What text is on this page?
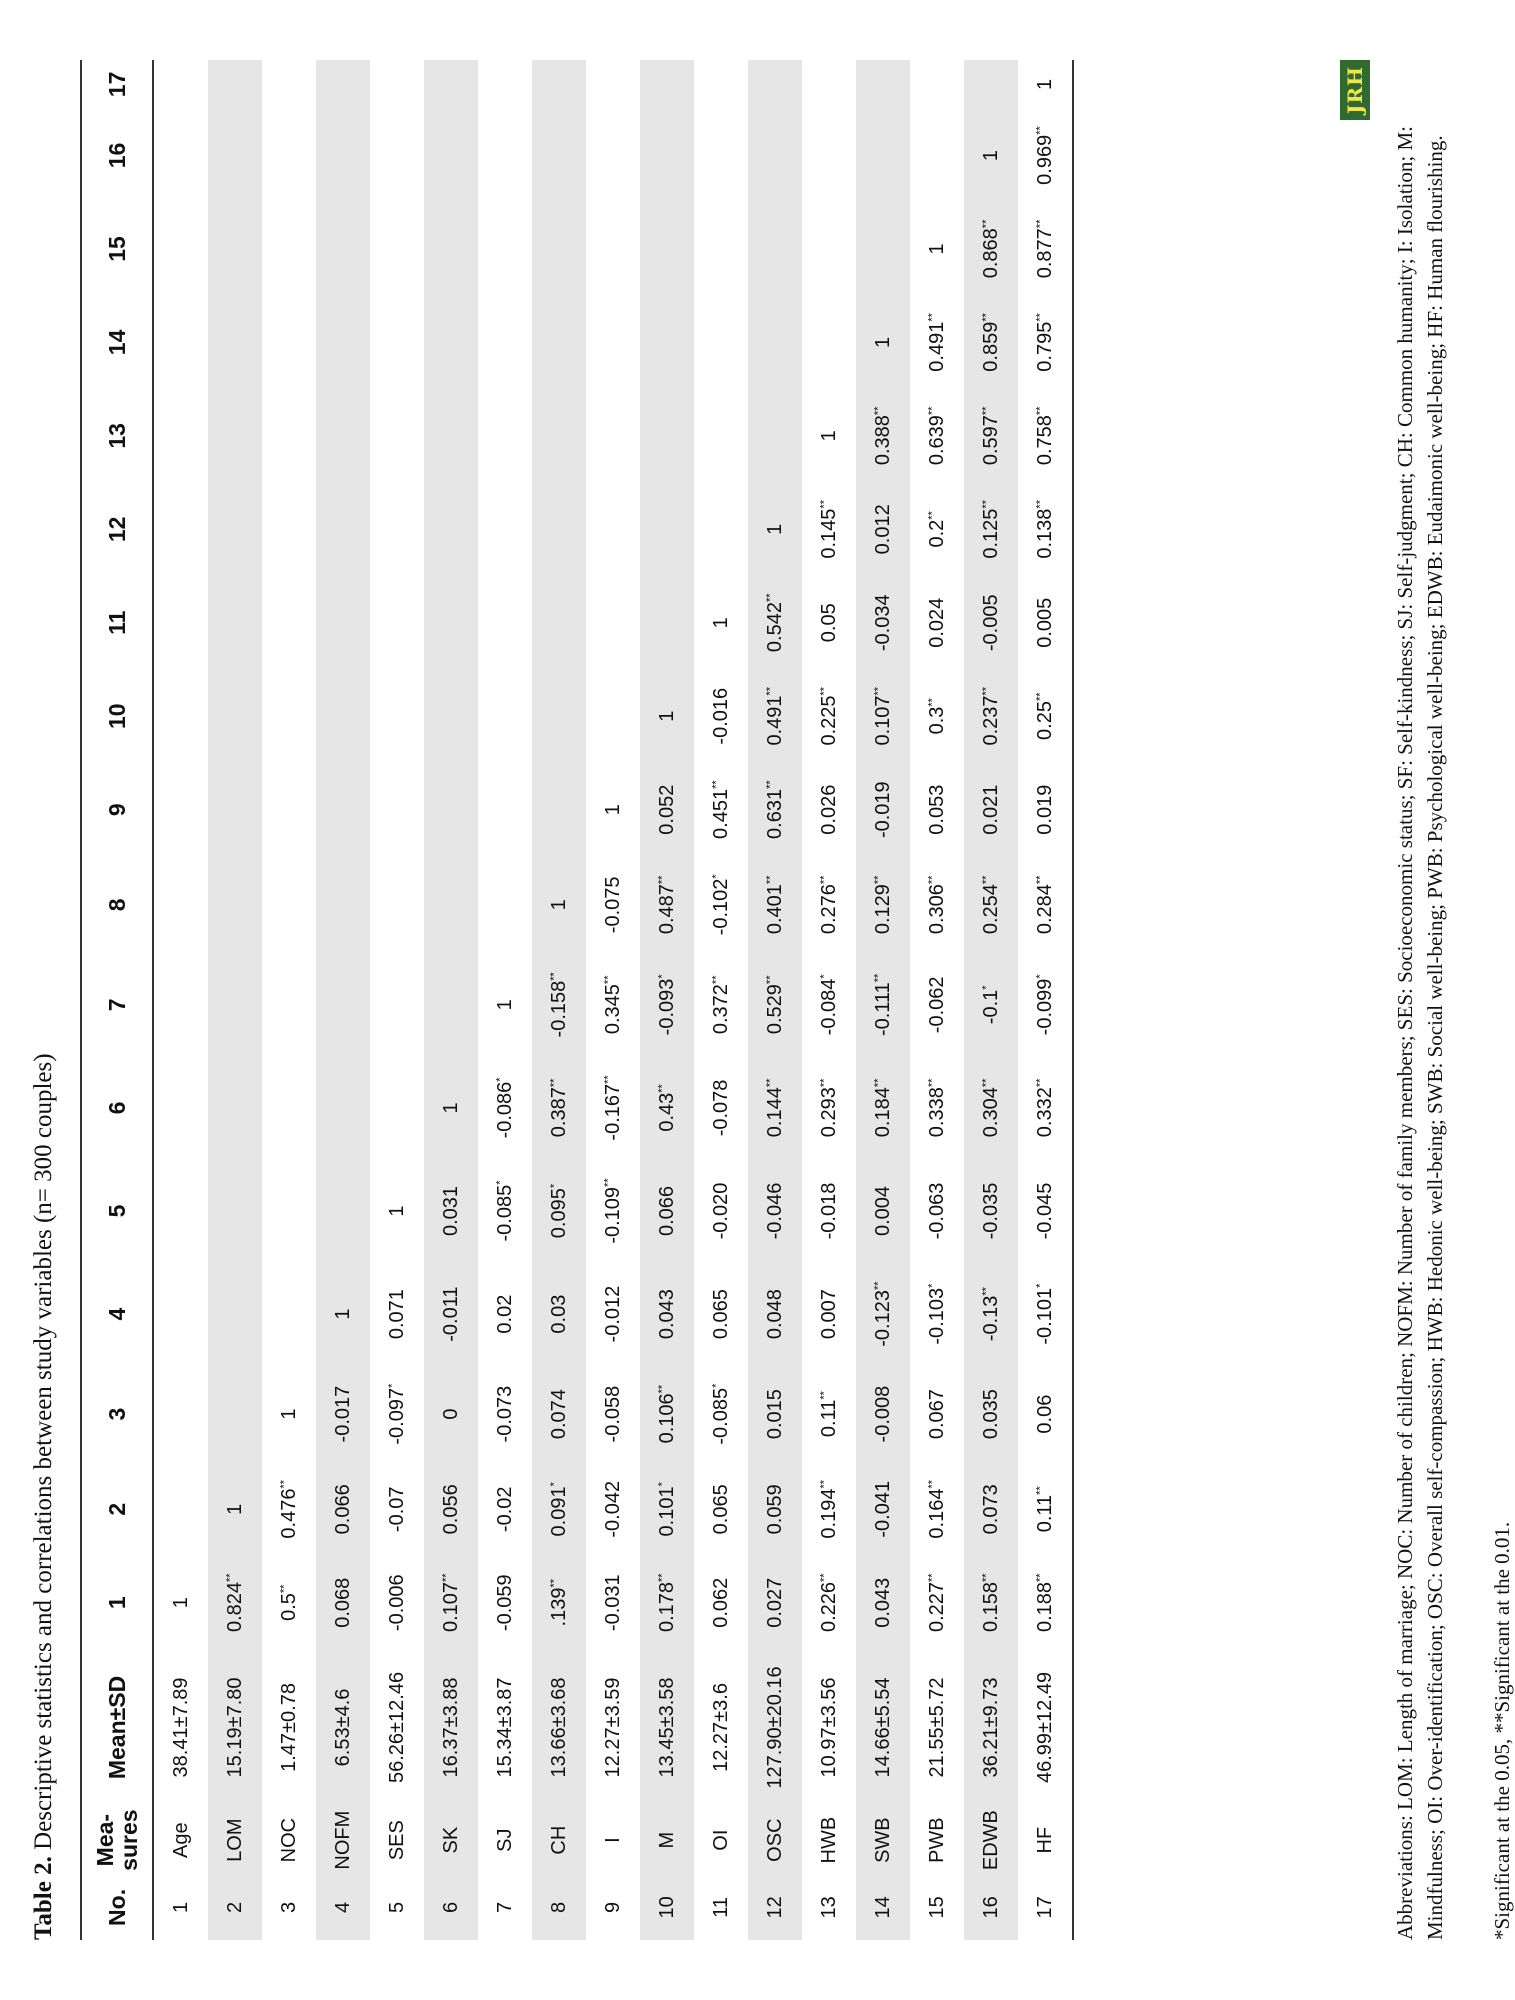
Table 2. Descriptive statistics and correlations between study variables (n= 300 couples)
No.	Mea-sures	Mean±SD	1	2	3	4	5	6	7	8	9	10	11	12	13	14	15	16	17
1	Age	38.41±7.89	1																
2	LOM	15.19±7.80	0.824**	1															
3	NOC	1.47±0.78	0.5**	0.476**	1														
4	NOFM	6.53±4.6	0.068	0.066	-0.017	1													
5	SES	56.26±12.46	-0.006	-0.07	-0.097*	0.071	1												
6	SK	16.37±3.88	0.107**	0.056	0	-0.011	0.031	1											
7	SJ	15.34±3.87	-0.059	-0.02	-0.073	0.02	-0.085*	-0.086*	1										
8	CH	13.66±3.68	.139**	0.091*	0.074	0.03	0.095*	0.387**	-0.158**	1									
9	I	12.27±3.59	-0.031	-0.042	-0.058	-0.012	-0.109**	-0.167**	0.345**	-0.075	1								
10	M	13.45±3.58	0.178**	0.101*	0.106**	0.043	0.066	0.43**	-0.093*	0.487**	0.052	1							
11	OI	12.27±3.6	0.062	0.065	-0.085*	0.065	-0.020	-0.078	0.372**	-0.102*	0.451**	-0.016	1						
12	OSC	127.90±20.16	0.027	0.059	0.015	0.048	-0.046	0.144**	0.529**	0.401**	0.631**	0.491**	0.542**	1					
13	HWB	10.97±3.56	0.226**	0.194**	0.11**	0.007	-0.018	0.293**	-0.084*	0.276**	0.026	0.225**	0.05	0.145**	1				
14	SWB	14.66±5.54	0.043	-0.041	-0.008	-0.123**	0.004	0.184**	-0.111**	0.129**	-0.019	0.107**	-0.034	0.012	0.388**	1			
15	PWB	21.55±5.72	0.227**	0.164**	0.067	-0.103*	-0.063	0.338**	-0.062	0.306**	0.053	0.3**	0.024	0.2**	0.639**	0.491**	1		
16	EDWB	36.21±9.73	0.158**	0.073	0.035	-0.13**	-0.035	0.304**	-0.1*	0.254**	0.021	0.237**	-0.005	0.125**	0.597**	0.859**	0.868**	1	
17	HF	46.99±12.49	0.188**	0.11**	0.06	-0.101*	-0.045	0.332**	-0.099*	0.284**	0.019	0.25**	0.005	0.138**	0.758**	0.795**	0.877**	0.969**	1	JRH
Abbreviations: LOM: Length of marriage; NOC: Number of children; NOFM: Number of family members; SES: Socioeconomic status; SF: Self-kindness; SJ: Self-judgment; CH: Common humanity; I: Isolation; M: Mindfulness; OI: Over-identification; OSC: Overall self-compassion; HWB: Hedonic well-being; SWB: Social well-being; PWB: Psychological well-being; EDWB: Eudaimonic well-being; HF: Human flourishing. *Significant at the 0.05, **Significant at the 0.01.
